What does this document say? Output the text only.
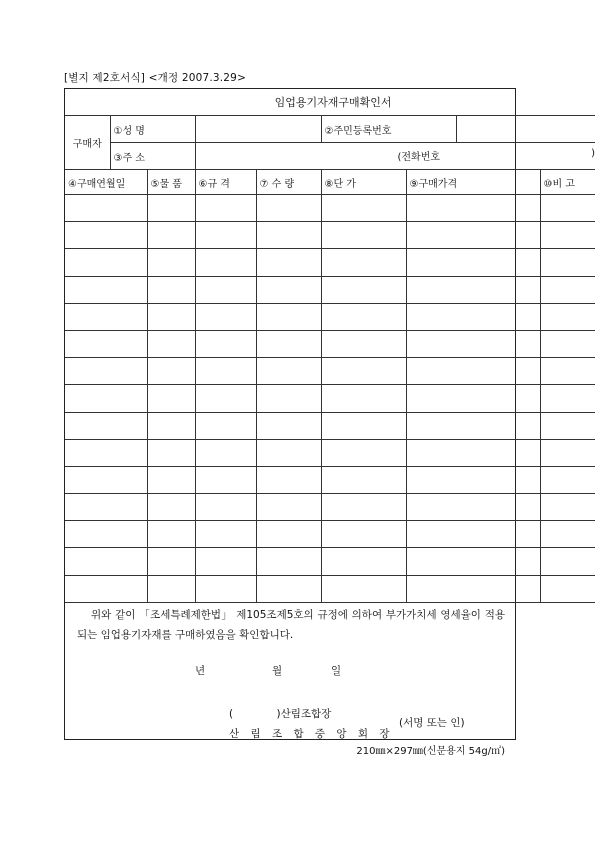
[별지 제2호서식] <개정 2007.3.29>
임업용기자재구매확인서								
구매자	①성 명				②주민등록번호			
	③주 소		(전화번호 )					

④구매연월일		⑤물 품	⑥규 격	⑦ 수 량	⑧단 가	⑨구매가격		⑩비 고

위와 같이 「조세특례제한법」 제105조제5호의 규정에 의하여 부가가치세 영세율이 적용되는 임업용기자재를 구매하였음을 확인합니다.
년	월	일
(             )산림조합장
산 림 조 합 중 앙 회 장
(서명 또는 인)
210㎜×297㎜(신문용지 54g/㎡)
